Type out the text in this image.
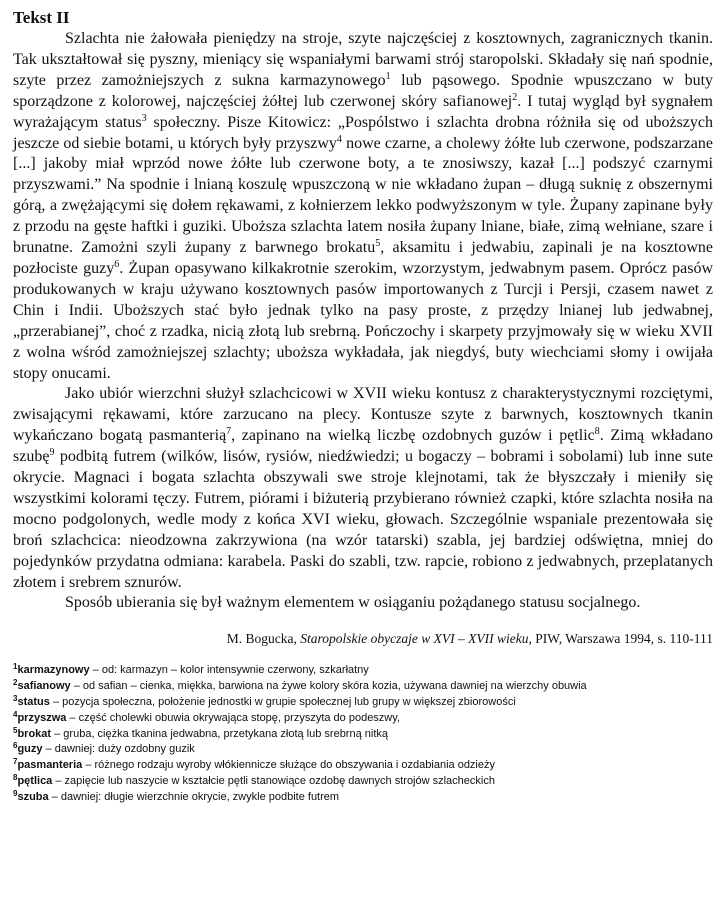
Tekst II

Szlachta nie żałowała pieniędzy na stroje, szyte najczęściej z kosztownych, zagranicznych tkanin. Tak ukształtował się pyszny, mieniący się wspaniałymi barwami strój staropolski. Składały się nań spodnie, szyte przez zamożniejszych z sukna karmazynowego$^1$ lub pąsowego. Spodnie wpuszczano w buty sporządzone z kolorowej, najczęściej żółtej lub czerwonej skóry safianowej$^2$. I tutaj wygląd był sygnałem wyrażającym status$^3$ społeczny. Pisze Kitowicz: „Pospólstwo i szlachta drobna różniła się od uboższych jeszcze od siebie botami, u których były przyszwy$^4$ nowe czarne, a cholewy żółte lub czerwone, podszarzane [...] jakoby miał wprzód nowe żółte lub czerwone boty, a te znosiwszy, kazał [...] podszyć czarnymi przyszwami.” Na spodnie i lnianą koszulę wpuszczoną w nie wkładano żupan – długą suknię z obszernymi górą, a zwężającymi się dołem rękawami, z kołnierzem lekko podwyższonym w tyle. Żupany zapinane były z przodu na gęste haftki i guziki. Uboższa szlachta latem nosiła żupany lniane, białe, zimą wełniane, szare i brunatne. Zamożni szyli żupany z barwnego brokatu$^5$, aksamitu i jedwabiu, zapinali je na kosztowne pozłociste guzy$^6$. Żupan opasywano kilkakrotnie szerokim, wzorzystym, jedwabnym pasem. Oprócz pasów produkowanych w kraju używano kosztownych pasów importowanych z Turcji i Persji, czasem nawet z Chin i Indii. Uboższych stać było jednak tylko na pasy proste, z przędzy lnianej lub jedwabnej, „przerabianej”, choć z rzadka, nicią złotą lub srebrną. Pończochy i skarpety przyjmowały się w wieku XVII z wolna wśród zamożniejszej szlachty; uboższa wykładała, jak niegdyś, buty wiechciami słomy i owijała stopy onucami.

Jako ubiór wierzchni służył szlachcicowi w XVII wieku kontusz z charakterystycznymi rozciętymi, zwisającymi rękawami, które zarzucano na plecy. Kontusze szyte z barwnych, kosztownych tkanin wykańczano bogatą pasmanterią$^7$, zapinano na wielką liczbę ozdobnych guzów i pętlic$^8$. Zimą wkładano szubę$^9$ podbitą futrem (wilków, lisów, rysiów, niedźwiedzi; u bogaczy – bobrami i sobolami) lub inne sute okrycie. Magnaci i bogata szlachta obszywali swe stroje klejnotami, tak że błyszczały i mieniły się wszystkimi kolorami tęczy. Futrem, piórami i biżuterią przybierano również czapki, które szlachta nosiła na mocno podgolonych, wedle mody z końca XVI wieku, głowach. Szczególnie wspaniale prezentowała się broń szlachcica: nieodzowna zakrzywiona (na wzór tatarski) szabla, jej bardziej odświętna, mniej do pojedynków przydatna odmiana: karabela. Paski do szabli, tzw. rapcie, robiono z jedwabnych, przeplatanych złotem i srebrem sznurów.

Sposób ubierania się był ważnym elementem w osiąganiu pożądanego statusu socjalnego.

M. Bogucka, Staropolskie obyczaje w XVI – XVII wieku, PIW, Warszawa 1994, s. 110-111
$^1$karmazynowy – od: karmazyn – kolor intensywnie czerwony, szkarłatny
$^2$safianowy – od safian – cienka, miękka, barwiona na żywe kolory skóra kozia, używana dawniej na wierzchy obuwia
$^3$status – pozycja społeczna, położenie jednostki w grupie społecznej lub grupy w większej zbiorowości
$^4$przyszwa – część cholewki obuwia okrywająca stopę, przyszyta do podeszwy,
$^5$brokat – gruba, ciężka tkanina jedwabna, przetykana złotą lub srebrną nitką
$^6$guzy – dawniej: duży ozdobny guzik
$^7$pasmanteria – różnego rodzaju wyroby włókiennicze służące do obszywania i ozdabiania odzieży
$^8$pętlica – zapięcie lub naszycie w kształcie pętli stanowiące ozdobę dawnych strojów szlacheckich
$^9$szuba – dawniej: długie wierzchnie okrycie, zwykle podbite futrem
